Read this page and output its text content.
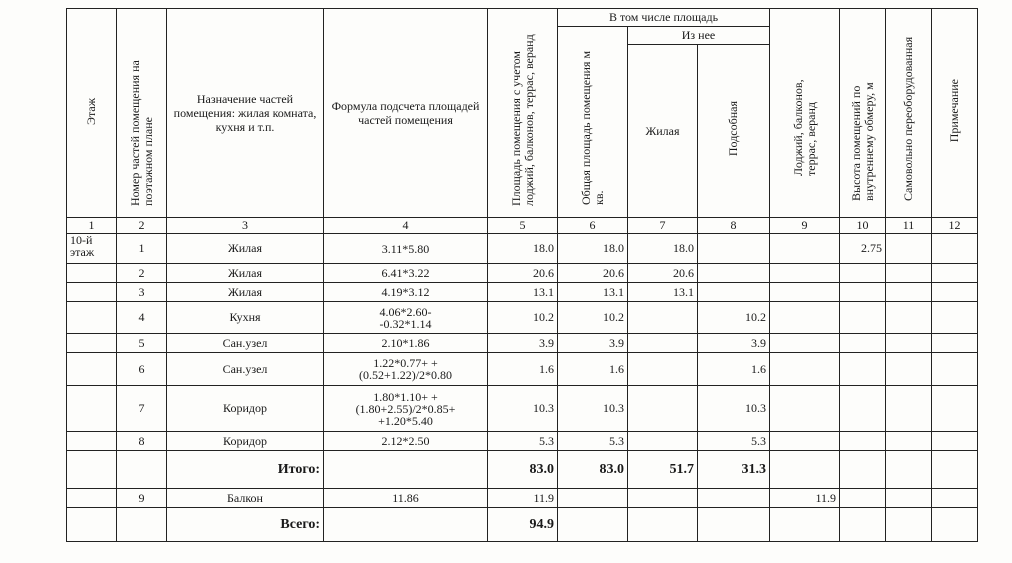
Этаж	Номер частей помещения на поэтажном плане	Назначение частей помещения: жилая комната, кухня и т.п.	Формула подсчета площадей частей помещения	Площадь помещения с учетом лоджий, балконов, террас, веранд	В том числе площадь			Лоджий, балконов, террас, веранд	Высота помещений по внутреннему обмеру, м	Самовольно переоборудованная	Примечание
					Общая площадь помещения м кв.	Из нее					
						Жилая	Подсобная				
1	2	3	4	5	6	7	8	9	10	11	12
10-й этаж	1	Жилая	3.11*5.80	18.0	18.0	18.0			2.75		
	2	Жилая	6.41*3.22	20.6	20.6	20.6					
	3	Жилая	4.19*3.12	13.1	13.1	13.1					
	4	Кухня	4.06*2.60- -0.32*1.14	10.2	10.2		10.2				
	5	Сан.узел	2.10*1.86	3.9	3.9		3.9				
	6	Сан.узел	1.22*0.77+ +(0.52+1.22)/2*0.80	1.6	1.6		1.6				
	7	Коридор	1.80*1.10+ +(1.80+2.55)/2*0.85+ +1.20*5.40	10.3	10.3		10.3				
	8	Коридор	2.12*2.50	5.3	5.3		5.3				
		Итого:		83.0	83.0	51.7	31.3				
	9	Балкон	11.86	11.9				11.9			
		Всего:		94.9							
